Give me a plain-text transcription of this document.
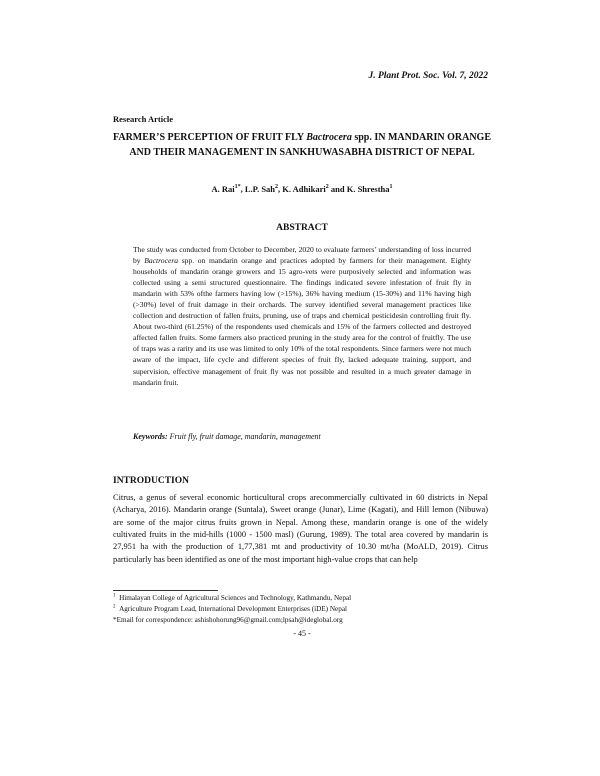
J. Plant Prot. Soc. Vol. 7, 2022
Research Article
FARMER’S PERCEPTION OF FRUIT FLY Bactrocera spp. IN MANDARIN ORANGE AND THEIR MANAGEMENT IN SANKHUWASABHA DISTRICT OF NEPAL
A. Rai$^{1*}$, L.P. Sah$^2$, K. Adhikari$^2$ and K. Shrestha$^1$
ABSTRACT
The study was conducted from October to December, 2020 to evaluate farmers’ understanding of loss incurred by Bactrocera spp. on mandarin orange and practices adopted by farmers for their management. Eighty households of mandarin orange growers and 15 agro-vets were purposively selected and information was collected using a semi structured questionnaire. The findings indicated severe infestation of fruit fly in mandarin with 53% ofthe farmers having low (>15%), 36% having medium (15-30%) and 11% having high (>30%) level of fruit damage in their orchards. The survey identified several management practices like collection and destruction of fallen fruits, pruning, use of traps and chemical pesticidesin controlling fruit fly. About two-third (61.25%) of the respondents used chemicals and 15% of the farmers collected and destroyed affected fallen fruits. Some farmers also practiced pruning in the study area for the control of fruitfly. The use of traps was a rarity and its use was limited to only 10% of the total respondents. Since farmers were not much aware of the impact, life cycle and different species of fruit fly, lacked adequate training, support, and supervision, effective management of fruit fly was not possible and resulted in a much greater damage in mandarin fruit.
Keywords: Fruit fly, fruit damage, mandarin, management
INTRODUCTION
Citrus, a genus of several economic horticultural crops arecommercially cultivated in 60 districts in Nepal (Acharya, 2016). Mandarin orange (Suntala), Sweet orange (Junar), Lime (Kagati), and Hill lemon (Nibuwa) are some of the major citrus fruits grown in Nepal. Among these, mandarin orange is one of the widely cultivated fruits in the mid-hills (1000 - 1500 masl) (Gurung, 1989). The total area covered by mandarin is 27,951 ha with the production of 1,77,381 mt and productivity of 10.30 mt/ha (MoALD, 2019). Citrus particularly has been identified as one of the most important high-value crops that can help
$^1$ Himalayan College of Agricultural Sciences and Technology, Kathmandu, Nepal
$^2$ Agriculture Program Lead, International Development Enterprises (iDE) Nepal
*Email for correspondence: ashishohorung96@gmail.com;lpsah@ideglobal.org
- 45 -
